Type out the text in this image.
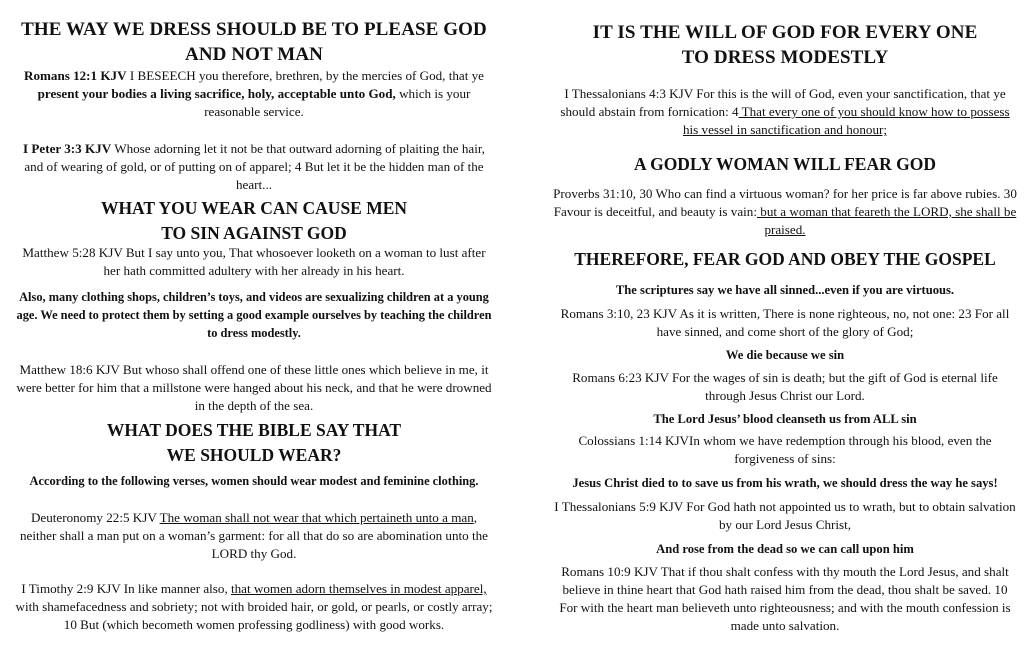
THE WAY WE DRESS SHOULD BE TO PLEASE GOD AND NOT MAN
Romans 12:1 KJV I BESEECH you therefore, brethren, by the mercies of God, that ye present your bodies a living sacrifice, holy, acceptable unto God, which is your reasonable service.
I Peter 3:3 KJV Whose adorning let it not be that outward adorning of plaiting the hair, and of wearing of gold, or of putting on of apparel; 4 But let it be the hidden man of the heart...
WHAT YOU WEAR CAN CAUSE MEN
TO SIN AGAINST GOD
Matthew 5:28 KJV But I say unto you, That whosoever looketh on a woman to lust after her hath committed adultery with her already in his heart.
Also, many clothing shops, children’s toys, and videos are sexualizing children at a young age. We need to protect them by setting a good example ourselves by teaching the children to dress modestly.
Matthew 18:6 KJV But whoso shall offend one of these little ones which believe in me, it were better for him that a millstone were hanged about his neck, and that he were drowned in the depth of the sea.
WHAT DOES THE BIBLE SAY THAT
WE SHOULD WEAR?
According to the following verses, women should wear modest and feminine clothing.
Deuteronomy 22:5 KJV The woman shall not wear that which pertaineth unto a man, neither shall a man put on a woman’s garment: for all that do so are abomination unto the LORD thy God.
I Timothy 2:9 KJV In like manner also, that women adorn themselves in modest apparel, with shamefacedness and sobriety; not with broided hair, or gold, or pearls, or costly array; 10 But (which becometh women professing godliness) with good works.
IT IS THE WILL OF GOD FOR EVERY ONE
TO DRESS MODESTLY
I Thessalonians 4:3 KJV For this is the will of God, even your sanctification, that ye should abstain from fornication: 4 That every one of you should know how to possess his vessel in sanctification and honour;
A GODLY WOMAN WILL FEAR GOD
Proverbs 31:10, 30 Who can find a virtuous woman? for her price is far above rubies. 30 Favour is deceitful, and beauty is vain: but a woman that feareth the LORD, she shall be praised.
THEREFORE, FEAR GOD AND OBEY THE GOSPEL
The scriptures say we have all sinned...even if you are virtuous.
Romans 3:10, 23 KJV As it is written, There is none righteous, no, not one: 23 For all have sinned, and come short of the glory of God;
We die because we sin
Romans 6:23 KJV For the wages of sin is death; but the gift of God is eternal life through Jesus Christ our Lord.
The Lord Jesus’ blood cleanseth us from ALL sin
Colossians 1:14 KJVIn whom we have redemption through his blood, even the forgiveness of sins:
Jesus Christ died to to save us from his wrath, we should dress the way he says!
I Thessalonians 5:9 KJV For God hath not appointed us to wrath, but to obtain salvation by our Lord Jesus Christ,
And rose from the dead so we can call upon him
Romans 10:9 KJV That if thou shalt confess with thy mouth the Lord Jesus, and shalt believe in thine heart that God hath raised him from the dead, thou shalt be saved. 10 For with the heart man believeth unto righteousness; and with the mouth confession is made unto salvation.
